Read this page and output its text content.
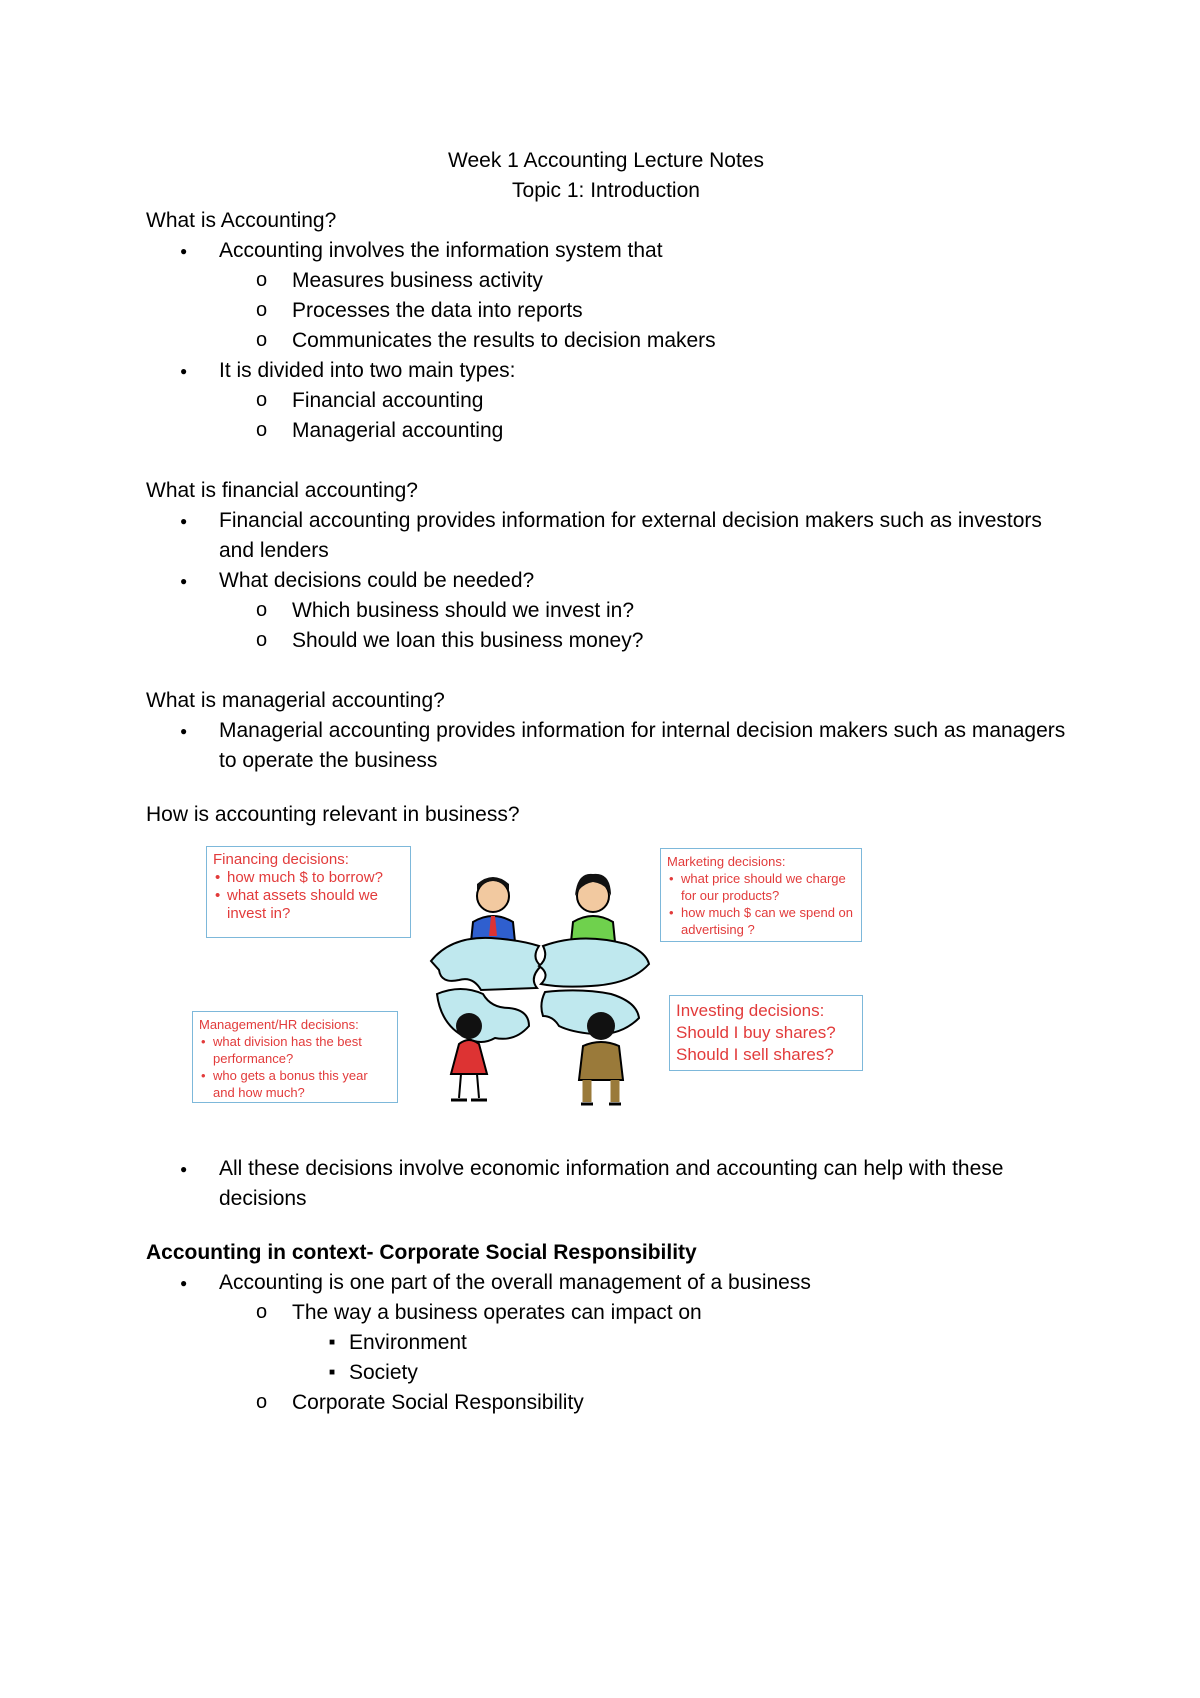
Week 1 Accounting Lecture Notes
Topic 1: Introduction
What is Accounting?
● Accounting involves the information system that
o Measures business activity
o Processes the data into reports
o Communicates the results to decision makers
● It is divided into two main types:
o Financial accounting
o Managerial accounting
What is financial accounting?
● Financial accounting provides information for external decision makers such as investors and lenders
● What decisions could be needed?
o Which business should we invest in?
o Should we loan this business money?
What is managerial accounting?
● Managerial accounting provides information for internal decision makers such as managers to operate the business
How is accounting relevant in business?
Financing decisions:
• how much $ to borrow?
• what assets should we invest in?
Marketing decisions:
• what price should we charge for our products?
• how much $ can we spend on advertising ?
Management/HR decisions:
• what division has the best performance?
• who gets a bonus this year and how much?
Investing decisions:
Should I buy shares?
Should I sell shares?
● All these decisions involve economic information and accounting can help with these decisions
Accounting in context- Corporate Social Responsibility
● Accounting is one part of the overall management of a business
o The way a business operates can impact on
■ Environment
■ Society
o Corporate Social Responsibility
